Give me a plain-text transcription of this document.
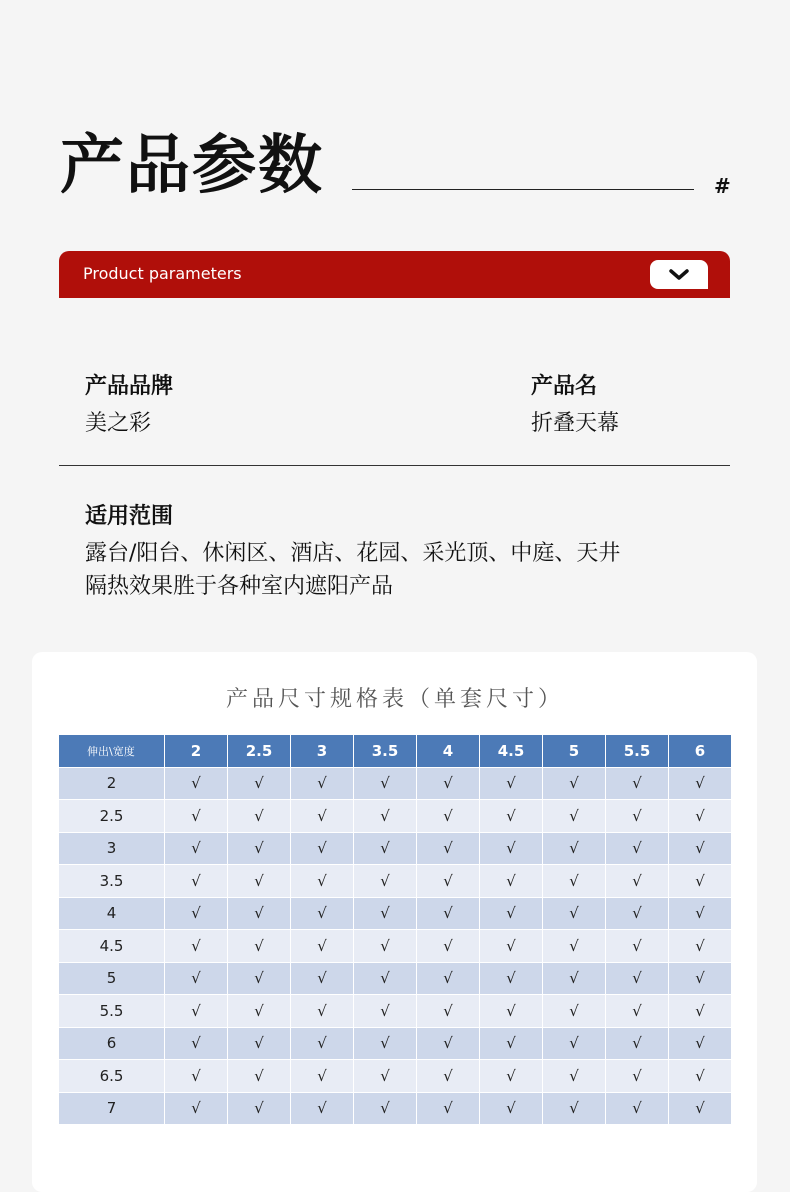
产品参数	#
Product parameters
产品品牌
美之彩
产品名
折叠天幕
适用范围
露台/阳台、休闲区、酒店、花园、采光顶、中庭、天井
隔热效果胜于各种室内遮阳产品
产品尺寸规格表（单套尺寸）
伸出\宽度	2	2.5	3	3.5	4	4.5	5	5.5	6
2	√	√	√	√	√	√	√	√	√
2.5	√	√	√	√	√	√	√	√	√
3	√	√	√	√	√	√	√	√	√
3.5	√	√	√	√	√	√	√	√	√
4	√	√	√	√	√	√	√	√	√
4.5	√	√	√	√	√	√	√	√	√
5	√	√	√	√	√	√	√	√	√
5.5	√	√	√	√	√	√	√	√	√
6	√	√	√	√	√	√	√	√	√
6.5	√	√	√	√	√	√	√	√	√
7	√	√	√	√	√	√	√	√	√
